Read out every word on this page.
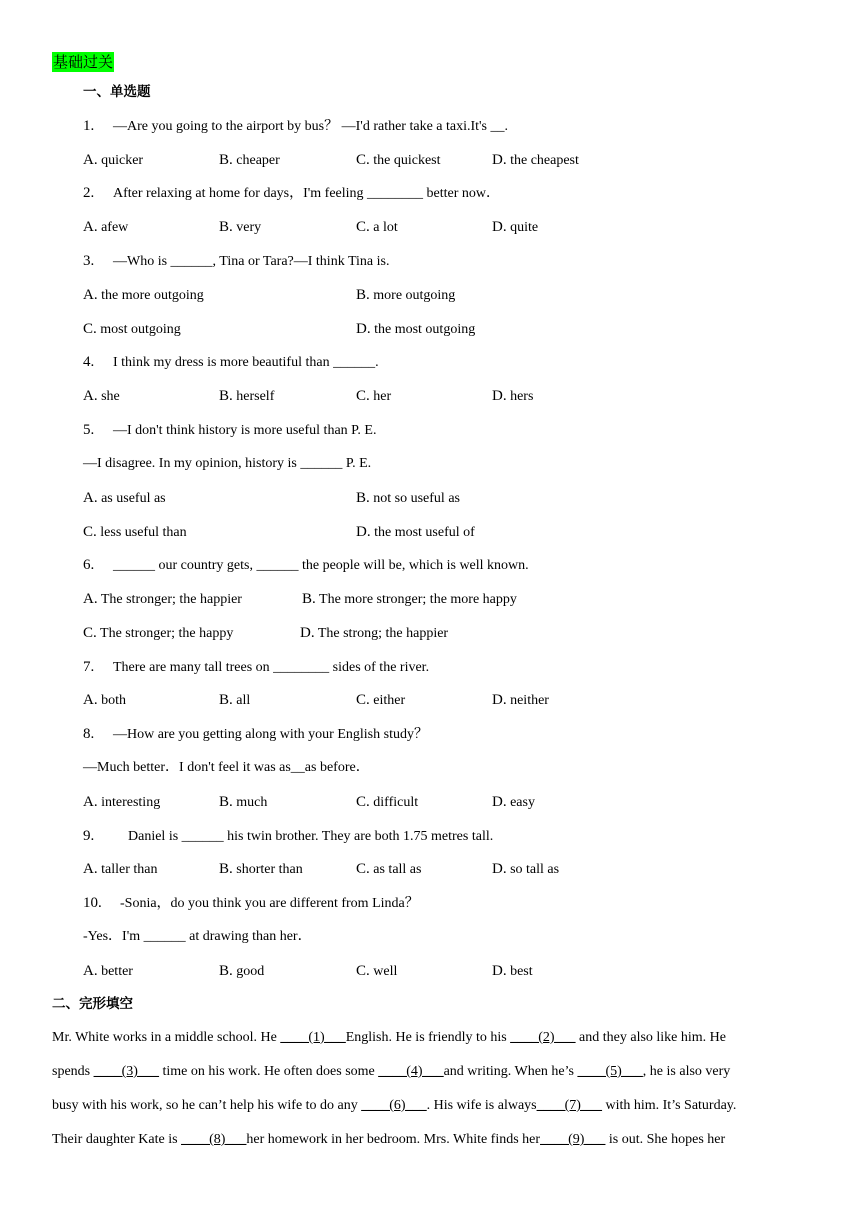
基础过关
一、单选题
1. —Are you going to the airport by bus？ —I'd rather take a taxi.It's __.
A. quicker	B. cheaper	C. the quickest	D. the cheapest
2. After relaxing at home for days，I'm feeling ________ better now．
A. afew	B. very	C. a lot	D. quite
3. —Who is ______, Tina or Tara?—I think Tina is.
A. the more outgoing	B. more outgoing
C. most outgoing	D. the most outgoing
4. I think my dress is more beautiful than ______.
A. she	B. herself	C. her	D. hers
5. —I don't think history is more useful than P. E.
—I disagree. In my opinion, history is ______ P. E.
A. as useful as	B. not so useful as
C. less useful than	D. the most useful of
6. ______ our country gets, ______ the people will be, which is well known.
A. The stronger; the happier	B. The more stronger; the more happy
C. The stronger; the happy	D. The strong; the happier
7. There are many tall trees on ________ sides of the river.
A. both	B. all	C. either	D. neither
8. —How are you getting along with your English study？
—Much better．I don't feel it was as__as before．
A. interesting	B. much	C. difficult	D. easy
9. Daniel is ______ his twin brother. They are both 1.75 metres tall.
A. taller than	B. shorter than	C. as tall as	D. so tall as
10. -Sonia，do you think you are different from Linda？
-Yes．I'm ______ at drawing than her．
A. better	B. good	C. well	D. best
二、完形填空
Mr. White works in a middle school. He ____(1)___English. He is friendly to his ____(2)___ and they also like him. He
spends ____(3)___ time on his work. He often does some ____(4)___and writing. When he’s ____(5)___, he is also very
busy with his work, so he can’t help his wife to do any ____(6)___. His wife is always____(7)___ with him. It’s Saturday.
Their daughter Kate is ____(8)___her homework in her bedroom. Mrs. White finds her____(9)___ is out. She hopes her
